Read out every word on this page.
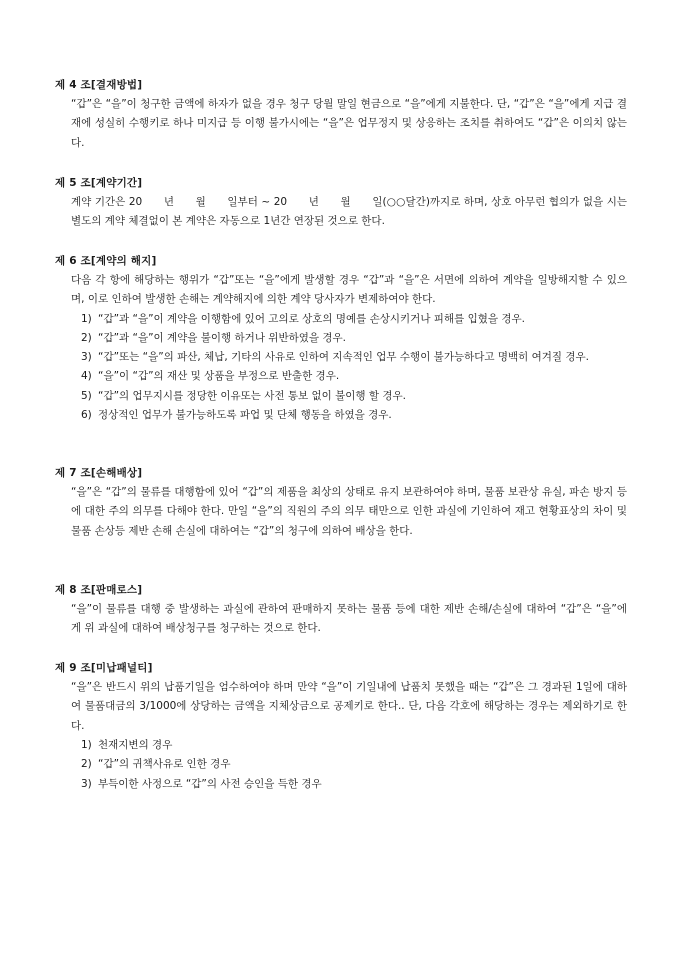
제 4 조[결재방법]
“갑”은 “을”이 청구한 금액에 하자가 없을 경우 청구 당월 말일 현금으로 “을”에게 지불한다. 단, “갑”은 “을”에게 지급 결재에 성실히 수행키로 하나 미지급 등 이행 불가시에는 “을”은 업무정지 및 상응하는 조치를 취하여도 “갑”은 이의치 않는다.
제 5 조[계약기간]
계약 기간은 20　　년　　월　　일부터 ~ 20　　년　　월　　일(○○달간)까지로 하며, 상호 아무런 협의가 없을 시는 별도의 계약 체결없이 본 계약은 자동으로 1년간 연장된 것으로 한다.
제 6 조[계약의 해지]
다음 각 항에 해당하는 행위가 “갑”또는 “을”에게 발생할 경우 “갑”과 “을”은 서면에 의하여 계약을 일방해지할 수 있으며, 이로 인하여 발생한 손해는 계약해지에 의한 계약 당사자가 변제하여야 한다.
1) “갑”과 “을”이 계약을 이행함에 있어 고의로 상호의 명예를 손상시키거나 피해를 입혔을 경우.
2) “갑”과 “을”이 계약을 불이행 하거나 위반하였을 경우.
3) “갑”또는 “을”의 파산, 체납, 기타의 사유로 인하여 지속적인 업무 수행이 불가능하다고 명백히 여겨질 경우.
4) “을”이 “갑”의 재산 및 상품을 부정으로 반출한 경우.
5) “갑”의 업무지시를 정당한 이유또는 사전 통보 없이 불이행 할 경우.
6) 정상적인 업무가 불가능하도록 파업 및 단체 행동을 하였을 경우.
제 7 조[손해배상]
“을”은 “갑”의 물류를 대행함에 있어 “갑”의 제품을 최상의 상태로 유지 보관하여야 하며, 물품 보관상 유실, 파손 방지 등에 대한 주의 의무를 다해야 한다. 만일 “을”의 직원의 주의 의무 태만으로 인한 과실에 기인하여 재고 현황표상의 차이 및 물품 손상등 제반 손해 손실에 대하여는 “갑”의 청구에 의하여 배상을 한다.
제 8 조[판매로스]
“을”이 물류를 대행 중 발생하는 과실에 관하여 판매하지 못하는 물품 등에 대한 제반 손해/손실에 대하여 “갑”은 “을”에게 위 과실에 대하여 배상청구를 청구하는 것으로 한다.
제 9 조[미납패널티]
“을”은 반드시 위의 납품기일을 엄수하여야 하며 만약 “을”이 기일내에 납품치 못했을 때는 “갑”은 그 경과된 1일에 대하여 물품대금의 3/1000에 상당하는 금액을 지체상금으로 공제키로 한다.. 단, 다음 각호에 해당하는 경우는 제외하기로 한다.
1) 천재지변의 경우
2) “갑”의 귀책사유로 인한 경우
3) 부득이한 사정으로 “갑”의 사전 승인을 득한 경우
